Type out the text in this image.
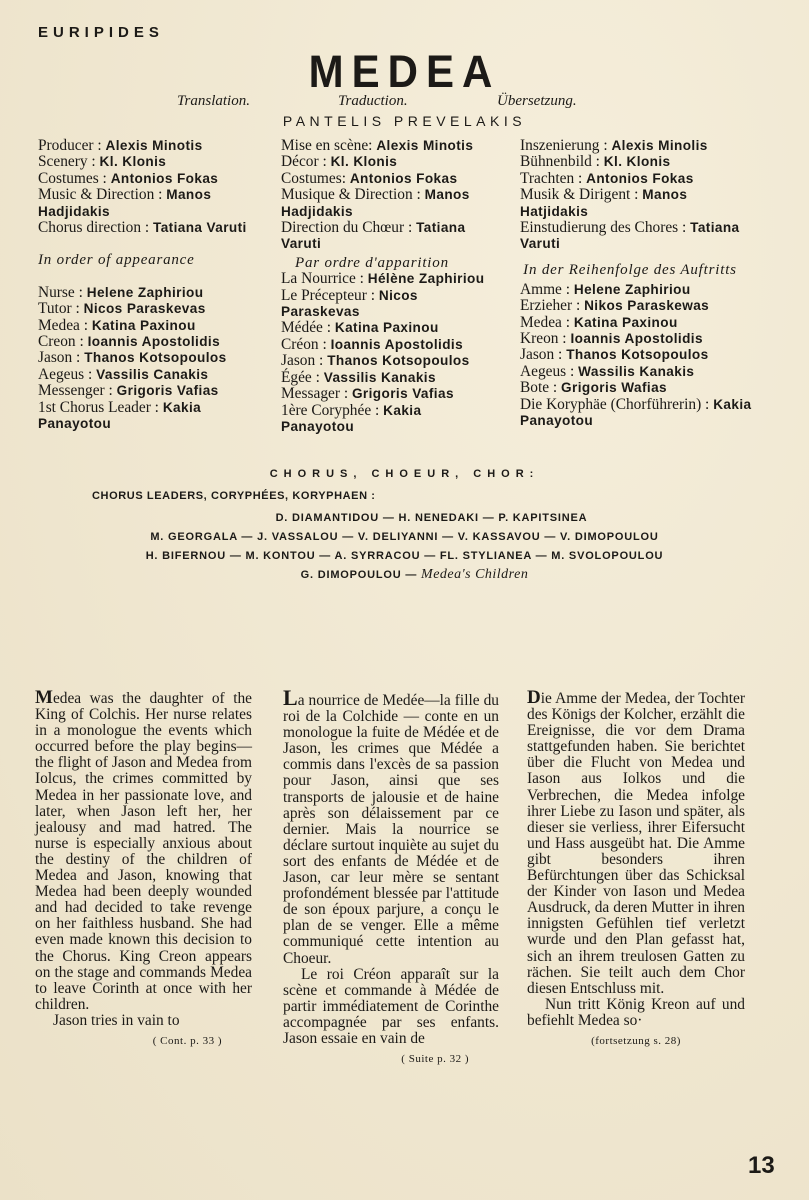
EURIPIDES
MEDEA
Translation.	Traduction.	Übersetzung.
PANTELIS PREVELAKIS
Producer : Alexis Minotis
Scenery : Kl. Klonis
Costumes : Antonios Fokas
Music & Direction : Manos Hadjidakis
Chorus direction : Tatiana Varuti
In order of appearance
Nurse : Helene Zaphiriou
Tutor : Nicos Paraskevas
Medea : Katina Paxinou
Creon : Ioannis Apostolidis
Jason : Thanos Kotsopoulos
Aegeus : Vassilis Canakis
Messenger : Grigoris Vafias
1st Chorus Leader : Kakia Panayotou
Mise en scène: Alexis Minotis
Décor : Kl. Klonis
Costumes: Antonios Fokas
Musique & Direction : Manos Hadjidakis
Direction du Chœur : Tatiana Varuti
Par ordre d'apparition
La Nourrice : Hélène Zaphiriou
Le Précepteur : Nicos Paraskevas
Médée : Katina Paxinou
Créon : Ioannis Apostolidis
Jason : Thanos Kotsopoulos
Égée : Vassilis Kanakis
Messager : Grigoris Vafias
1ère Coryphée : Kakia Panayotou
Inszenierung : Alexis Minolis
Bühnenbild : Kl. Klonis
Trachten : Antonios Fokas
Musik & Dirigent : Manos Hatjidakis
Einstudierung des Chores : Tatiana Varuti
In der Reihenfolge des Auftritts
Amme : Helene Zaphiriou
Erzieher : Nikos Paraskewas
Medea : Katina Paxinou
Kreon : Ioannis Apostolidis
Jason : Thanos Kotsopoulos
Aegeus : Wassilis Kanakis
Bote : Grigoris Wafias
Die Koryphäe (Chorführerin) : Kakia Panayotou
CHORUS, CHOEUR, CHOR:
CHORUS LEADERS, CORYPHÉES, KORYPHAEN :
D. DIAMANTIDOU — H. NENEDAKI — P. KAPITSINEA
M. GEORGALA — J. VASSALOU — V. DELIYANNI — V. KASSAVOU — V. DIMOPOULOU
H. BIFERNOU — M. KONTOU — A. SYRRACOU — FL. STYLIANEA — M. SVOLOPOULOU
G. DIMOPOULOU — Medea's Children

Medea was the daughter of the King of Colchis. Her nurse relates in a monologue the events which occurred before the play begins—the flight of Jason and Medea from Iolcus, the crimes committed by Medea in her passionate love, and later, when Jason left her, her jealousy and mad hatred. The nurse is especially anxious about the destiny of the children of Medea and Jason, knowing that Medea had been deeply wounded and had decided to take revenge on her faithless husband. She had even made known this decision to the Chorus. King Creon appears on the stage and commands Medea to leave Corinth at once with her children.

Jason tries in vain to

( Cont. p. 33 )

La nourrice de Medée—la fille du roi de la Colchide — conte en un monologue la fuite de Médée et de Jason, les crimes que Médée a commis dans l'excès de sa passion pour Jason, ainsi que ses transports de jalousie et de haine après son délaissement par ce dernier. Mais la nourrice se déclare surtout inquiète au sujet du sort des enfants de Médée et de Jason, car leur mère se sentant profondément blessée par l'attitude de son époux parjure, a conçu le plan de se venger. Elle a même communiqué cette intention au Choeur.

Le roi Créon apparaît sur la scène et commande à Médée de partir immédiatement de Corinthe accompagnée par ses enfants. Jason essaie en vain de

( Suite p. 32 )

Die Amme der Medea, der Tochter des Königs der Kolcher, erzählt die Ereignisse, die vor dem Drama stattgefunden haben. Sie berichtet über die Flucht von Medea und Iason aus Iolkos und die Verbrechen, die Medea infolge ihrer Liebe zu Iason und später, als dieser sie verliess, ihrer Eifersucht und Hass ausgeübt hat. Die Amme gibt besonders ihren Befürchtungen über das Schicksal der Kinder von Iason und Medea Ausdruck, da deren Mutter in ihren innigsten Gefühlen tief verletzt wurde und den Plan gefasst hat, sich an ihrem treulosen Gatten zu rächen. Sie teilt auch dem Chor diesen Entschluss mit.

Nun tritt König Kreon auf und befiehlt Medea so·

(fortsetzung s. 28)
13
